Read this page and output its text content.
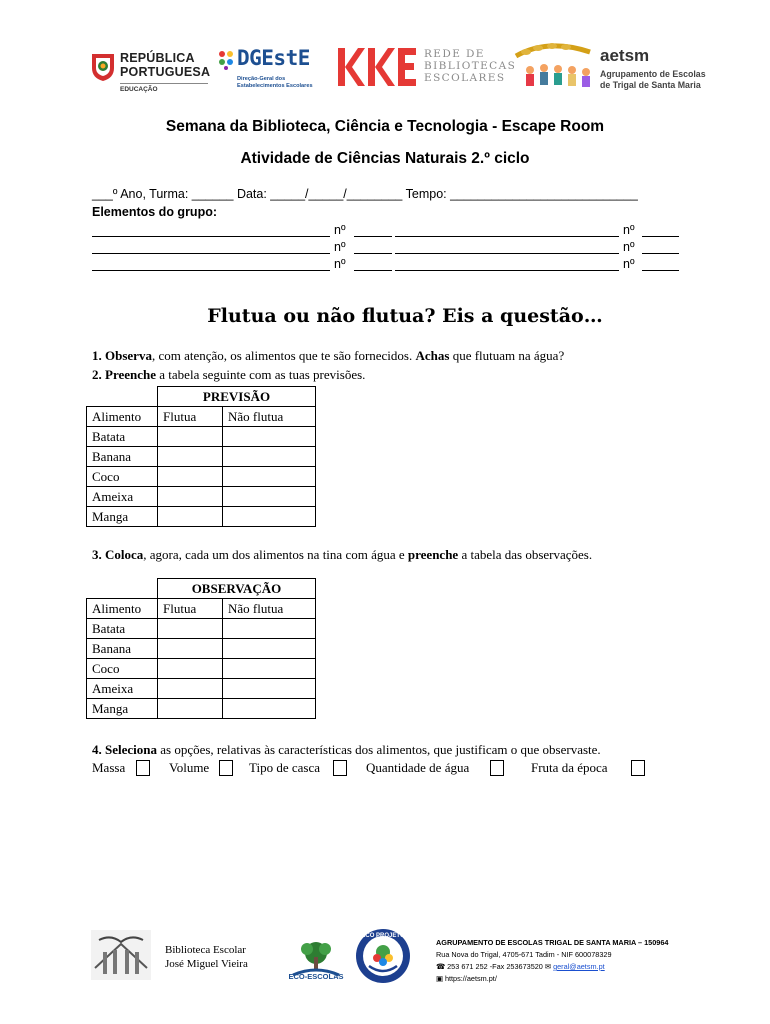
REPÚBLICA
PORTUGUESA
EDUCAÇÃO
DGEstE
Direção-Geral dos
Estabelecimentos Escolares
REDE DE
BIBLIOTECAS
ESCOLARES
aetsm
Agrupamento de Escolas
de Trigal de Santa Maria
Semana da Biblioteca, Ciência e Tecnologia - Escape Room
Atividade de Ciências Naturais 2.º ciclo
___º Ano, Turma: ______ Data: _____/_____/________ Tempo: ___________________________
Elementos do grupo:
nº	nº
nº	nº
nº	nº
Flutua ou não flutua? Eis a questão…
1. Observa, com atenção, os alimentos que te são fornecidos. Achas que flutuam na água?
2. Preenche a tabela seguinte com as tuas previsões.
	PREVISÃO	
Alimento	Flutua	Não flutua
Batata		
Banana		
Coco		
Ameixa		
Manga		
3. Coloca, agora, cada um dos alimentos na tina com água e preenche a tabela das observações.
	OBSERVAÇÃO	
Alimento	Flutua	Não flutua
Batata		
Banana		
Coco		
Ameixa		
Manga		
4. Seleciona as opções, relativas às características dos alimentos, que justificam o que observaste.
Massa	Volume	Tipo de casca	Quantidade de água	Fruta da época
Biblioteca Escolar
José Miguel Vieira
ECO-ESCOLAS
ECO PROJETO
AGRUPAMENTO DE ESCOLAS TRIGAL DE SANTA MARIA – 150964
Rua Nova do Trigal, 4705-671 Tadim - NIF 600078329
☎ 253 671 252 -Fax 253673520 ✉ geral@aetsm.pt
▣ https://aetsm.pt/
